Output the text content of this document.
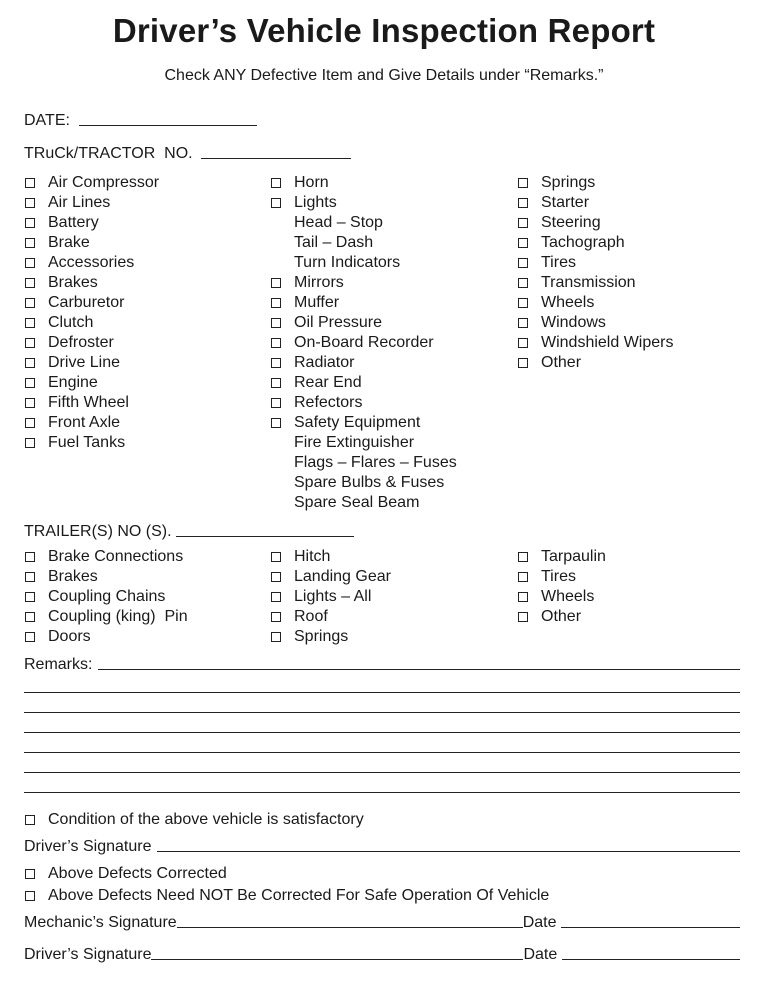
Driver’s Vehicle Inspection Report
Check ANY Defective Item and Give Details under “Remarks.”
DATE:
TRuCk/TRACTOR  NO.
Air Compressor
Air Lines
Battery
Brake
Accessories
Brakes
Carburetor
Clutch
Defroster
Drive Line
Engine
Fifth Wheel
Front Axle
Fuel Tanks
Horn
Lights
Head – Stop
Tail – Dash
Turn Indicators
Mirrors
Muffer
Oil Pressure
On-Board Recorder
Radiator
Rear End
Refectors
Safety Equipment
Fire Extinguisher
Flags – Flares – Fuses
Spare Bulbs & Fuses
Spare Seal Beam
Springs
Starter
Steering
Tachograph
Tires
Transmission
Wheels
Windows
Windshield Wipers
Other
TRAILER(S) NO (S).
Brake Connections
Brakes
Coupling Chains
Coupling (king)  Pin
Doors
Hitch
Landing Gear
Lights – All
Roof
Springs
Tarpaulin
Tires
Wheels
Other
Remarks:
Condition of the above vehicle is satisfactory
Driver’s Signature
Above Defects Corrected
Above Defects Need NOT Be Corrected For Safe Operation Of Vehicle
Mechanic’s Signature	Date
Driver’s Signature	Date
